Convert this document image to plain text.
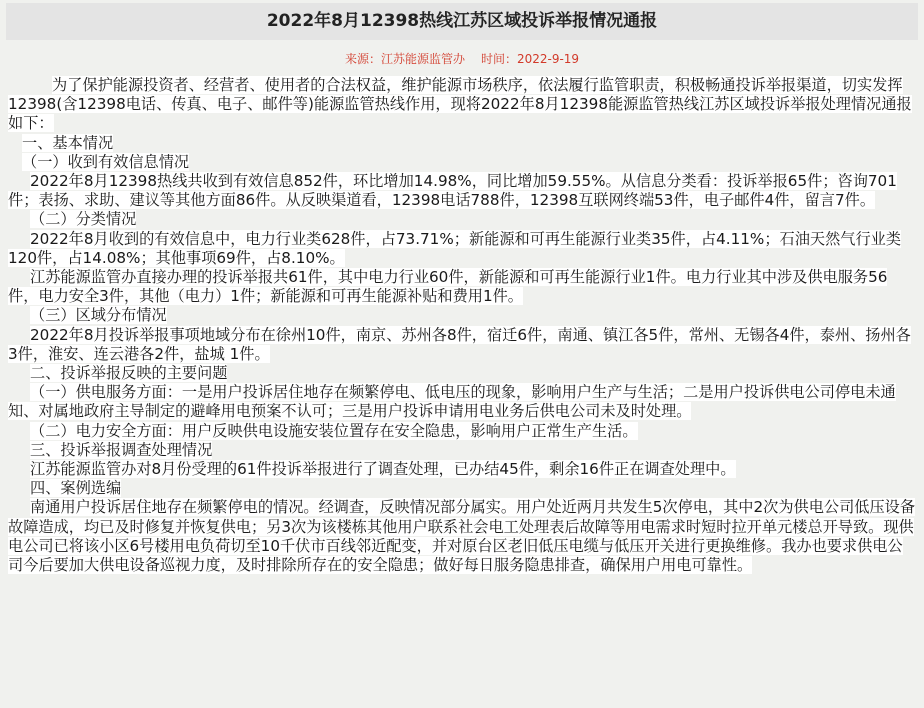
2022年8月12398热线江苏区域投诉举报情况通报
来源：江苏能源监管办 时间：2022-9-19

为了保护能源投资者、经营者、使用者的合法权益，维护能源市场秩序，依法履行监管职责，积极畅通投诉举报渠道，切实发挥12398(含12398电话、传真、电子、邮件等)能源监管热线作用，现将2022年8月12398能源监管热线江苏区域投诉举报处理情况通报如下：

一、基本情况

（一）收到有效信息情况

2022年8月12398热线共收到有效信息852件，环比增加14.98%，同比增加59.55%。从信息分类看：投诉举报65件；咨询701件；表扬、求助、建议等其他方面86件。从反映渠道看，12398电话788件，12398互联网终端53件，电子邮件4件，留言7件。

（二）分类情况

2022年8月收到的有效信息中，电力行业类628件，占73.71%；新能源和可再生能源行业类35件，占4.11%；石油天然气行业类120件，占14.08%；其他事项69件，占8.10%。

江苏能源监管办直接办理的投诉举报共61件，其中电力行业60件，新能源和可再生能源行业1件。电力行业其中涉及供电服务56件，电力安全3件，其他（电力）1件；新能源和可再生能源补贴和费用1件。

（三）区域分布情况

2022年8月投诉举报事项地域分布在徐州10件，南京、苏州各8件，宿迁6件，南通、镇江各5件，常州、无锡各4件，泰州、扬州各3件，淮安、连云港各2件，盐城 1件。

二、投诉举报反映的主要问题

（一）供电服务方面：一是用户投诉居住地存在频繁停电、低电压的现象，影响用户生产与生活；二是用户投诉供电公司停电未通知、对属地政府主导制定的避峰用电预案不认可；三是用户投诉申请用电业务后供电公司未及时处理。

（二）电力安全方面：用户反映供电设施安装位置存在安全隐患，影响用户正常生产生活。

三、投诉举报调查处理情况

江苏能源监管办对8月份受理的61件投诉举报进行了调查处理，已办结45件，剩余16件正在调查处理中。

四、案例选编

南通用户投诉居住地存在频繁停电的情况。经调查，反映情况部分属实。用户处近两月共发生5次停电，其中2次为供电公司低压设备故障造成，均已及时修复并恢复供电；另3次为该楼栋其他用户联系社会电工处理表后故障等用电需求时短时拉开单元楼总开导致。现供电公司已将该小区6号楼用电负荷切至10千伏市百线邻近配变，并对原台区老旧低压电缆与低压开关进行更换维修。我办也要求供电公司今后要加大供电设备巡视力度，及时排除所存在的安全隐患；做好每日服务隐患排查，确保用户用电可靠性。
